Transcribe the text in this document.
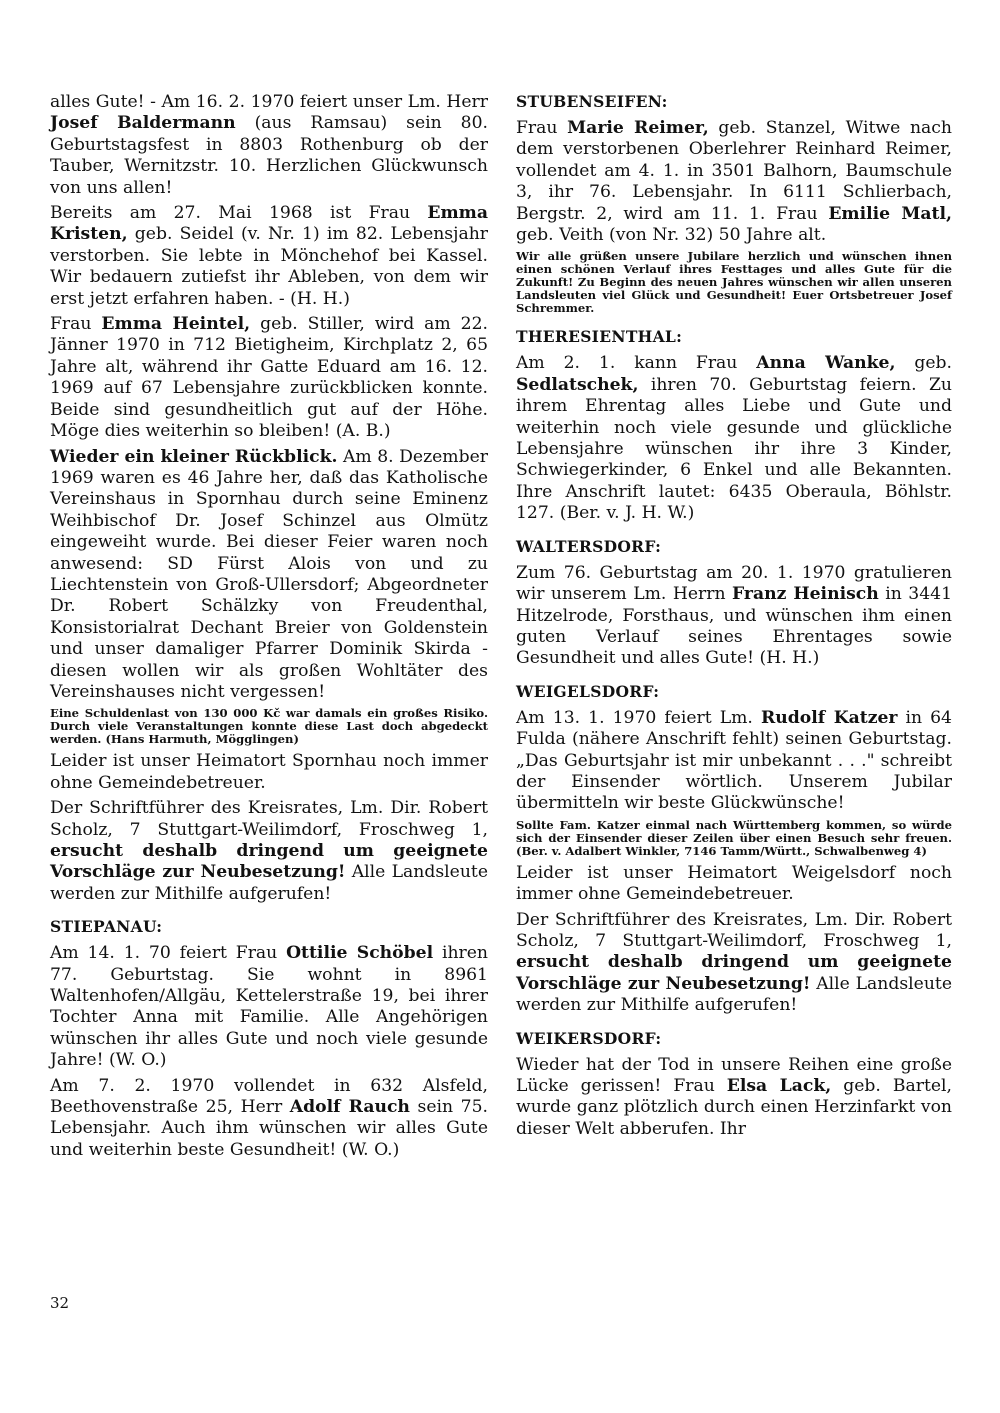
alles Gute! - Am 16. 2. 1970 feiert unser Lm. Herr Josef Baldermann (aus Ramsau) sein 80. Geburtstagsfest in 8803 Rothenburg ob der Tauber, Wernitzstr. 10. Herzlichen Glückwunsch von uns allen!

Bereits am 27. Mai 1968 ist Frau Emma Kristen, geb. Seidel (v. Nr. 1) im 82. Lebensjahr verstorben. Sie lebte in Mönchehof bei Kassel. Wir bedauern zutiefst ihr Ableben, von dem wir erst jetzt erfahren haben. - (H. H.)

Frau Emma Heintel, geb. Stiller, wird am 22. Jänner 1970 in 712 Bietigheim, Kirchplatz 2, 65 Jahre alt, während ihr Gatte Eduard am 16. 12. 1969 auf 67 Lebensjahre zurückblicken konnte. Beide sind gesundheitlich gut auf der Höhe. Möge dies weiterhin so bleiben! (A. B.)

Wieder ein kleiner Rückblick. Am 8. Dezember 1969 waren es 46 Jahre her, daß das Katholische Vereinshaus in Spornhau durch seine Eminenz Weihbischof Dr. Josef Schinzel aus Olmütz eingeweiht wurde. Bei dieser Feier waren noch anwesend: SD Fürst Alois von und zu Liechtenstein von Groß-Ullersdorf; Abgeordneter Dr. Robert Schälzky von Freudenthal, Konsistorialrat Dechant Breier von Goldenstein und unser damaliger Pfarrer Dominik Skirda - diesen wollen wir als großen Wohltäter des Vereinshauses nicht vergessen!

Eine Schuldenlast von 130 000 Kč war damals ein großes Risiko. Durch viele Veranstaltungen konnte diese Last doch abgedeckt werden. (Hans Harmuth, Mögglingen)

Leider ist unser Heimatort Spornhau noch immer ohne Gemeindebetreuer.

Der Schriftführer des Kreisrates, Lm. Dir. Robert Scholz, 7 Stuttgart-Weilimdorf, Froschweg 1, ersucht deshalb dringend um geeignete Vorschläge zur Neubesetzung! Alle Landsleute werden zur Mithilfe aufgerufen!

STIEPANAU:

Am 14. 1. 70 feiert Frau Ottilie Schöbel ihren 77. Geburtstag. Sie wohnt in 8961 Waltenhofen/Allgäu, Kettelerstraße 19, bei ihrer Tochter Anna mit Familie. Alle Angehörigen wünschen ihr alles Gute und noch viele gesunde Jahre! (W. O.)

Am 7. 2. 1970 vollendet in 632 Alsfeld, Beethovenstraße 25, Herr Adolf Rauch sein 75. Lebensjahr. Auch ihm wünschen wir alles Gute und weiterhin beste Gesundheit! (W. O.)

STUBENSEIFEN:

Frau Marie Reimer, geb. Stanzel, Witwe nach dem verstorbenen Oberlehrer Reinhard Reimer, vollendet am 4. 1. in 3501 Balhorn, Baumschule 3, ihr 76. Lebensjahr. In 6111 Schlierbach, Bergstr. 2, wird am 11. 1. Frau Emilie Matl, geb. Veith (von Nr. 32) 50 Jahre alt.

Wir alle grüßen unsere Jubilare herzlich und wünschen ihnen einen schönen Verlauf ihres Festtages und alles Gute für die Zukunft! Zu Beginn des neuen Jahres wünschen wir allen unseren Landsleuten viel Glück und Gesundheit! Euer Ortsbetreuer Josef Schremmer.

THERESIENTHAL:

Am 2. 1. kann Frau Anna Wanke, geb. Sedlatschek, ihren 70. Geburtstag feiern. Zu ihrem Ehrentag alles Liebe und Gute und weiterhin noch viele gesunde und glückliche Lebensjahre wünschen ihr ihre 3 Kinder, Schwiegerkinder, 6 Enkel und alle Bekannten. Ihre Anschrift lautet: 6435 Oberaula, Böhlstr. 127. (Ber. v. J. H. W.)

WALTERSDORF:

Zum 76. Geburtstag am 20. 1. 1970 gratulieren wir unserem Lm. Herrn Franz Heinisch in 3441 Hitzelrode, Forsthaus, und wünschen ihm einen guten Verlauf seines Ehrentages sowie Gesundheit und alles Gute! (H. H.)

WEIGELSDORF:

Am 13. 1. 1970 feiert Lm. Rudolf Katzer in 64 Fulda (nähere Anschrift fehlt) seinen Geburtstag. „Das Geburtsjahr ist mir unbekannt . . ." schreibt der Einsender wörtlich. Unserem Jubilar übermitteln wir beste Glückwünsche!

Sollte Fam. Katzer einmal nach Württemberg kommen, so würde sich der Einsender dieser Zeilen über einen Besuch sehr freuen. (Ber. v. Adalbert Winkler, 7146 Tamm/Württ., Schwalbenweg 4)

Leider ist unser Heimatort Weigelsdorf noch immer ohne Gemeindebetreuer.

Der Schriftführer des Kreisrates, Lm. Dir. Robert Scholz, 7 Stuttgart-Weilimdorf, Froschweg 1, ersucht deshalb dringend um geeignete Vorschläge zur Neubesetzung! Alle Landsleute werden zur Mithilfe aufgerufen!

WEIKERSDORF:

Wieder hat der Tod in unsere Reihen eine große Lücke gerissen! Frau Elsa Lack, geb. Bartel, wurde ganz plötzlich durch einen Herzinfarkt von dieser Welt abberufen. Ihr

32
